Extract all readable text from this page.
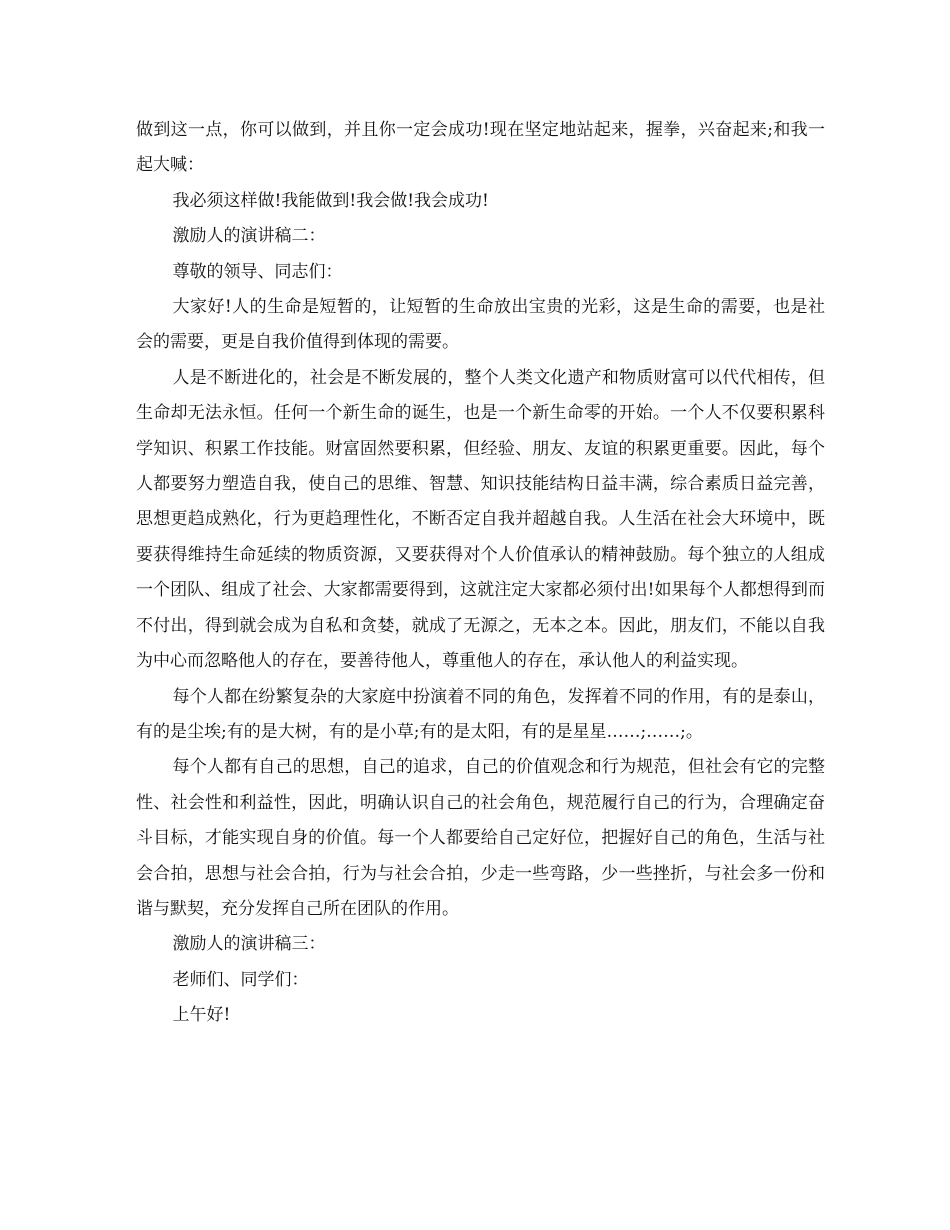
做到这一点，你可以做到，并且你一定会成功!现在坚定地站起来，握拳，兴奋起来;和我一起大喊：

我必须这样做!我能做到!我会做!我会成功!

激励人的演讲稿二：

尊敬的领导、同志们：

大家好!人的生命是短暂的，让短暂的生命放出宝贵的光彩，这是生命的需要，也是社会的需要，更是自我价值得到体现的需要。

人是不断进化的，社会是不断发展的，整个人类文化遗产和物质财富可以代代相传，但生命却无法永恒。任何一个新生命的诞生，也是一个新生命零的开始。一个人不仅要积累科学知识、积累工作技能。财富固然要积累，但经验、朋友、友谊的积累更重要。因此，每个人都要努力塑造自我，使自己的思维、智慧、知识技能结构日益丰满，综合素质日益完善，思想更趋成熟化，行为更趋理性化，不断否定自我并超越自我。人生活在社会大环境中，既要获得维持生命延续的物质资源，又要获得对个人价值承认的精神鼓励。每个独立的人组成一个团队、组成了社会、大家都需要得到，这就注定大家都必须付出!如果每个人都想得到而不付出，得到就会成为自私和贪婪，就成了无源之，无本之本。因此，朋友们，不能以自我为中心而忽略他人的存在，要善待他人，尊重他人的存在，承认他人的利益实现。

每个人都在纷繁复杂的大家庭中扮演着不同的角色，发挥着不同的作用，有的是泰山，有的是尘埃;有的是大树，有的是小草;有的是太阳，有的是星星……;……;。

每个人都有自己的思想，自己的追求，自己的价值观念和行为规范，但社会有它的完整性、社会性和利益性，因此，明确认识自己的社会角色，规范履行自己的行为，合理确定奋斗目标，才能实现自身的价值。每一个人都要给自己定好位，把握好自己的角色，生活与社会合拍，思想与社会合拍，行为与社会合拍，少走一些弯路，少一些挫折，与社会多一份和谐与默契，充分发挥自己所在团队的作用。

激励人的演讲稿三：

老师们、同学们：

上午好!
